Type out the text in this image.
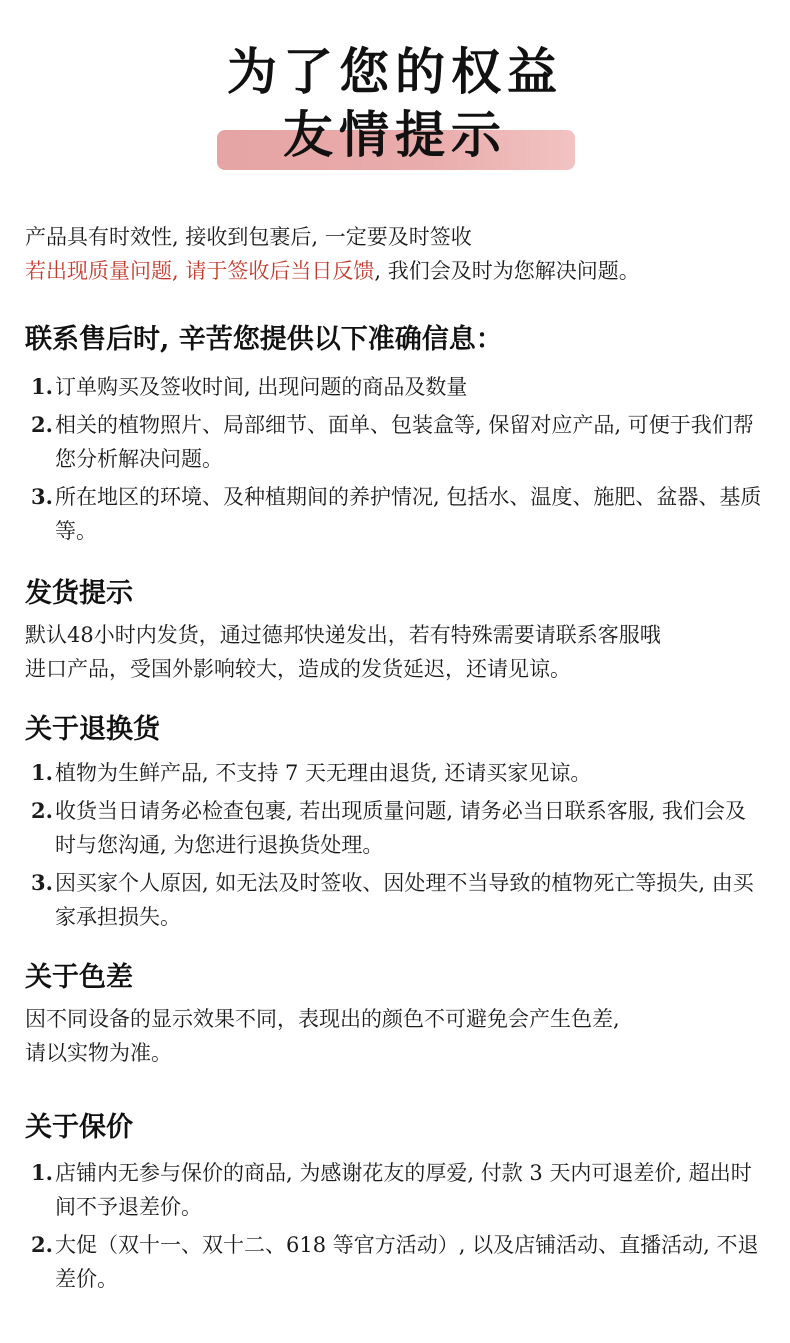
为了您的权益
友情提示
产品具有时效性, 接收到包裹后, 一定要及时签收
若出现质量问题, 请于签收后当日反馈, 我们会及时为您解决问题。
联系售后时, 辛苦您提供以下准确信息：
1. 订单购买及签收时间, 出现问题的商品及数量
2. 相关的植物照片、局部细节、面单、包装盒等, 保留对应产品, 可便于我们帮您分析解决问题。
3. 所在地区的环境、及种植期间的养护情况, 包括水、温度、施肥、盆器、基质等。
发货提示

默认48小时内发货，通过德邦快递发出，若有特殊需要请联系客服哦

进口产品，受国外影响较大，造成的发货延迟，还请见谅。

关于退换货
1. 植物为生鲜产品, 不支持 7 天无理由退货, 还请买家见谅。
2. 收货当日请务必检查包裹, 若出现质量问题, 请务必当日联系客服, 我们会及时与您沟通, 为您进行退换货处理。
3. 因买家个人原因, 如无法及时签收、因处理不当导致的植物死亡等损失, 由买家承担损失。
关于色差

因不同设备的显示效果不同，表现出的颜色不可避免会产生色差,

请以实物为准。

关于保价
1. 店铺内无参与保价的商品, 为感谢花友的厚爱, 付款 3 天内可退差价, 超出时间不予退差价。
2. 大促（双十一、双十二、618 等官方活动）, 以及店铺活动、直播活动, 不退差价。
